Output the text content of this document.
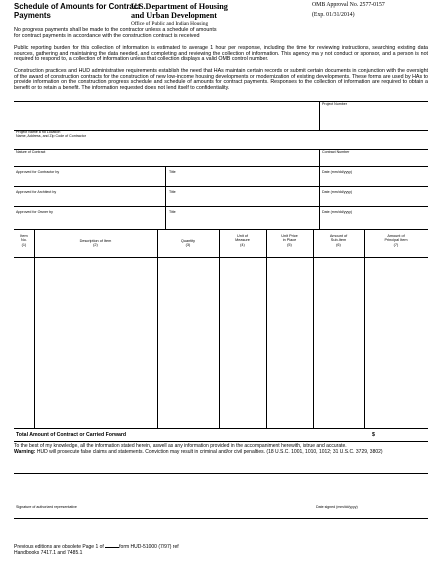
Schedule of Amounts for Contract
Payments
U.S.Department of Housing
and Urban Development
Office of Public and Indian Housing
OMB Approval No. 2577-0157
(Exp. 01/31/2014)
No progress payments shall be made to the contractor unless a schedule of amounts
for contract payments in accordance with the construction contract is received
Public reporting burden for this collection of information is estimated to average 1 hour per response, including the time for reviewing instructions, searching existing data sources, gathering and maintaining the data needed, and completing and reviewing the collection of information. This agency ma y not conduct or sponsor, and a person is not required to respond to, a collection of information unless that collection displays a valid OMB control number.
Construction practices and HUD administrative requirements establish the need that HAs maintain certain records or submit certain documents in conjunction with the oversight of the award of construction contracts for the construction of new low-income housing developments or modernization of existing developments. These forms are used by HAs to provide information on the construction progress schedule and schedule of amounts for contract payments. Responses to the collection of information are required to obtain a benefit or to retain a benefit. The information requested does not lend itself to confidentiality.
Project Number
Project Name a nd Location
Name, Address, and Zip Code of Contractor
Nature of Contract	Contract Number
Approved for Contractor by	Title	Date (mm/dd/yyyy)
Approved for Architect by	Title	Date (mm/dd/yyyy)
Approved for Owner by	Title	Date (mm/dd/yyyy)
Item
No.
(1)
Description of Item
(2)
Quantity
(3)
Unit of
Measure
(4)
Unit Price
in Place
(5)
Amount of
Sub-Item
(6)
Amount of
Principal Item
(7)
Total Amount of Contract or Carried Forward	$
To the best of my knowledge, all the information stated herein, aswell as any information provided in the accompaniment herewith, istrue and accurate.
Warning: HUD will prosecute false claims and statements. Conviction may result in criminal and/or civil penalties. (18 U.S.C. 1001, 1010, 1012; 31 U.S.C. 3729, 3802)
Signature of authorized representative	Date signed (mm/dd/yyyy)
Previous editions are obsolete Page 1 of	form HUD-51000 (7/97) ref
Handbooks 7417.1 and 7485.1
